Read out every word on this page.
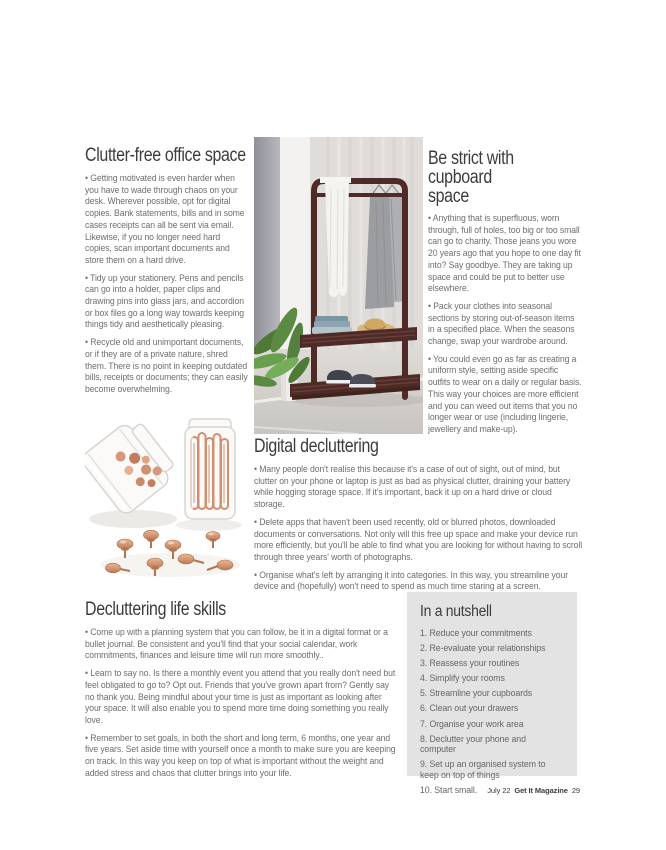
Clutter-free office space

• Getting motivated is even harder when you have to wade through chaos on your desk. Wherever possible, opt for digital copies. Bank statements, bills and in some cases receipts can all be sent via email. Likewise, if you no longer need hard copies, scan important documents and store them on a hard drive.

• Tidy up your stationery. Pens and pencils can go into a holder, paper clips and drawing pins into glass jars, and accordion or box files go a long way towards keeping things tidy and aesthetically pleasing.

• Recycle old and unimportant documents, or if they are of a private nature, shred them. There is no point in keeping outdated bills, receipts or documents; they can easily become overwhelming.

Be strict with cupboard space

• Anything that is superfluous, worn through, full of holes, too big or too small can go to charity. Those jeans you wore 20 years ago that you hope to one day fit into? Say goodbye. They are taking up space and could be put to better use elsewhere.

• Pack your clothes into seasonal sections by storing out-of-season items in a specified place. When the seasons change, swap your wardrobe around.

• You could even go as far as creating a uniform style, setting aside specific outfits to wear on a daily or regular basis. This way your choices are more efficient and you can weed out items that you no longer wear or use (including lingerie, jewellery and make-up).

Digital decluttering

• Many people don't realise this because it's a case of out of sight, out of mind, but clutter on your phone or laptop is just as bad as physical clutter, draining your battery while hogging storage space. If it's important, back it up on a hard drive or cloud storage.

• Delete apps that haven't been used recently, old or blurred photos, downloaded documents or conversations. Not only will this free up space and make your device run more efficiently, but you'll be able to find what you are looking for without having to scroll through three years' worth of photographs.

• Organise what's left by arranging it into categories. In this way, you streamline your device and (hopefully) won't need to spend as much time staring at a screen.

Decluttering life skills

• Come up with a planning system that you can follow, be it in a digital format or a bullet journal. Be consistent and you'll find that your social calendar, work commitments, finances and leisure time will run more smoothly..

• Learn to say no. Is there a monthly event you attend that you really don't need but feel obligated to go to? Opt out. Friends that you've grown apart from? Gently say no thank you. Being mindful about your time is just as important as looking after your space. It will also enable you to spend more time doing something you really love.

• Remember to set goals, in both the short and long term, 6 months, one year and five years. Set aside time with yourself once a month to make sure you are keeping on track. In this way you keep on top of what is important without the weight and added stress and chaos that clutter brings into your life.

In a nutshell
1. Reduce your commitments
2. Re-evaluate your relationships
3. Reassess your routines
4. Simplify your rooms
5. Streamline your cupboards
6. Clean out your drawers
7. Organise your work area
8. Declutter your phone and computer
9. Set up an organised system to keep on top of things
10. Start small.	July 22 Get It Magazine 29
